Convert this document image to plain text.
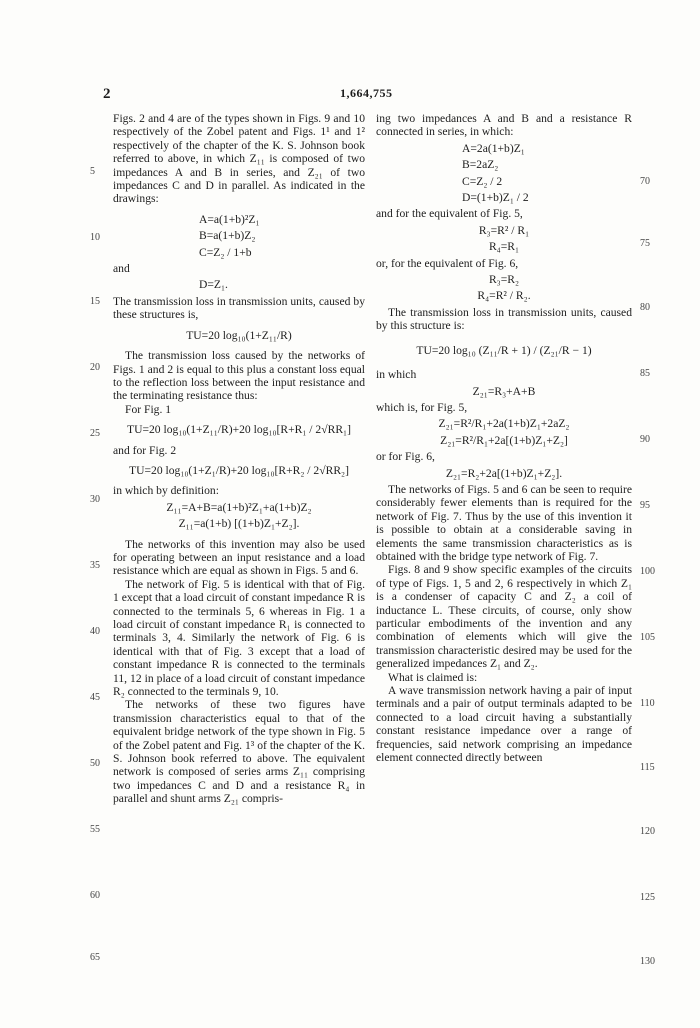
2	1,664,755

Figs. 2 and 4 are of the types shown in Figs. 9 and 10 respectively of the Zobel patent and Figs. 1¹ and 1² respectively of the chapter of the K. S. Johnson book referred to above, in which Z₁₁ is composed of two impedances A and B in series, and Z₂₁ of two impedances C and D in parallel. As indicated in the drawings:

A=a(1+b)²Z₁
B=a(1+b)Z₂
C=Z₂ / 1+b

and

D=Z₁.

The transmission loss in transmission units, caused by these structures is,

TU=20 log₁₀(1+Z₁₁/R)

The transmission loss caused by the networks of Figs. 1 and 2 is equal to this plus a constant loss equal to the reflection loss between the input resistance and the terminating resistance thus:

For Fig. 1

TU=20 log₁₀(1+Z₁₁/R)+20 log₁₀[R+R₁ / 2√RR₁]

and for Fig. 2

TU=20 log₁₀(1+Z₁/R)+20 log₁₀[R+R₂ / 2√RR₂]

in which by definition:

Z₁₁=A+B=a(1+b)²Z₁+a(1+b)Z₂
Z₁₁=a(1+b) [(1+b)Z₁+Z₂].

The networks of this invention may also be used for operating between an input resistance and a load resistance which are equal as shown in Figs. 5 and 6.

The network of Fig. 5 is identical with that of Fig. 1 except that a load circuit of constant impedance R is connected to the terminals 5, 6 whereas in Fig. 1 a load circuit of constant impedance R₁ is connected to terminals 3, 4. Similarly the network of Fig. 6 is identical with that of Fig. 3 except that a load of constant impedance R is connected to the terminals 11, 12 in place of a load circuit of constant impedance R₂ connected to the terminals 9, 10.

The networks of these two figures have transmission characteristics equal to that of the equivalent bridge network of the type shown in Fig. 5 of the Zobel patent and Fig. 1³ of the chapter of the K. S. Johnson book referred to above. The equivalent network is composed of series arms Z₁₁ comprising two impedances C and D and a resistance R₄ in parallel and shunt arms Z₂₁ compris-

ing two impedances A and B and a resistance R connected in series, in which:

A=2a(1+b)Z₁
B=2aZ₂
C=Z₂ / 2
D=(1+b)Z₁ / 2

and for the equivalent of Fig. 5,

R₃=R² / R₁
R₄=R₁

or, for the equivalent of Fig. 6,

R₃=R₂
R₄=R² / R₂.

The transmission loss in transmission units, caused by this structure is:

TU=20 log₁₀ (Z₁₁/R + 1) / (Z₂₁/R − 1)

in which

Z₂₁=R₃+A+B

which is, for Fig. 5,

Z₂₁=R²/R₁+2a(1+b)Z₁+2aZ₂
Z₂₁=R²/R₁+2a[(1+b)Z₁+Z₂]

or for Fig. 6,

Z₂₁=R₂+2a[(1+b)Z₁+Z₂].

The networks of Figs. 5 and 6 can be seen to require considerably fewer elements than is required for the network of Fig. 7. Thus by the use of this invention it is possible to obtain at a considerable saving in elements the same transmission characteristics as is obtained with the bridge type network of Fig. 7.

Figs. 8 and 9 show specific examples of the circuits of type of Figs. 1, 5 and 2, 6 respectively in which Z₁ is a condenser of capacity C and Z₂ a coil of inductance L. These circuits, of course, only show particular embodiments of the invention and any combination of elements which will give the transmission characteristic desired may be used for the generalized impedances Z₁ and Z₂.

What is claimed is:

A wave transmission network having a pair of input terminals and a pair of output terminals adapted to be connected to a load circuit having a substantially constant resistance impedance over a range of frequencies, said network comprising an impedance element connected directly between

5
10
15
20
25
30
35
40
45
50
55
60
65
70
75
80
85
90
95
100
105
110
115
120
125
130
